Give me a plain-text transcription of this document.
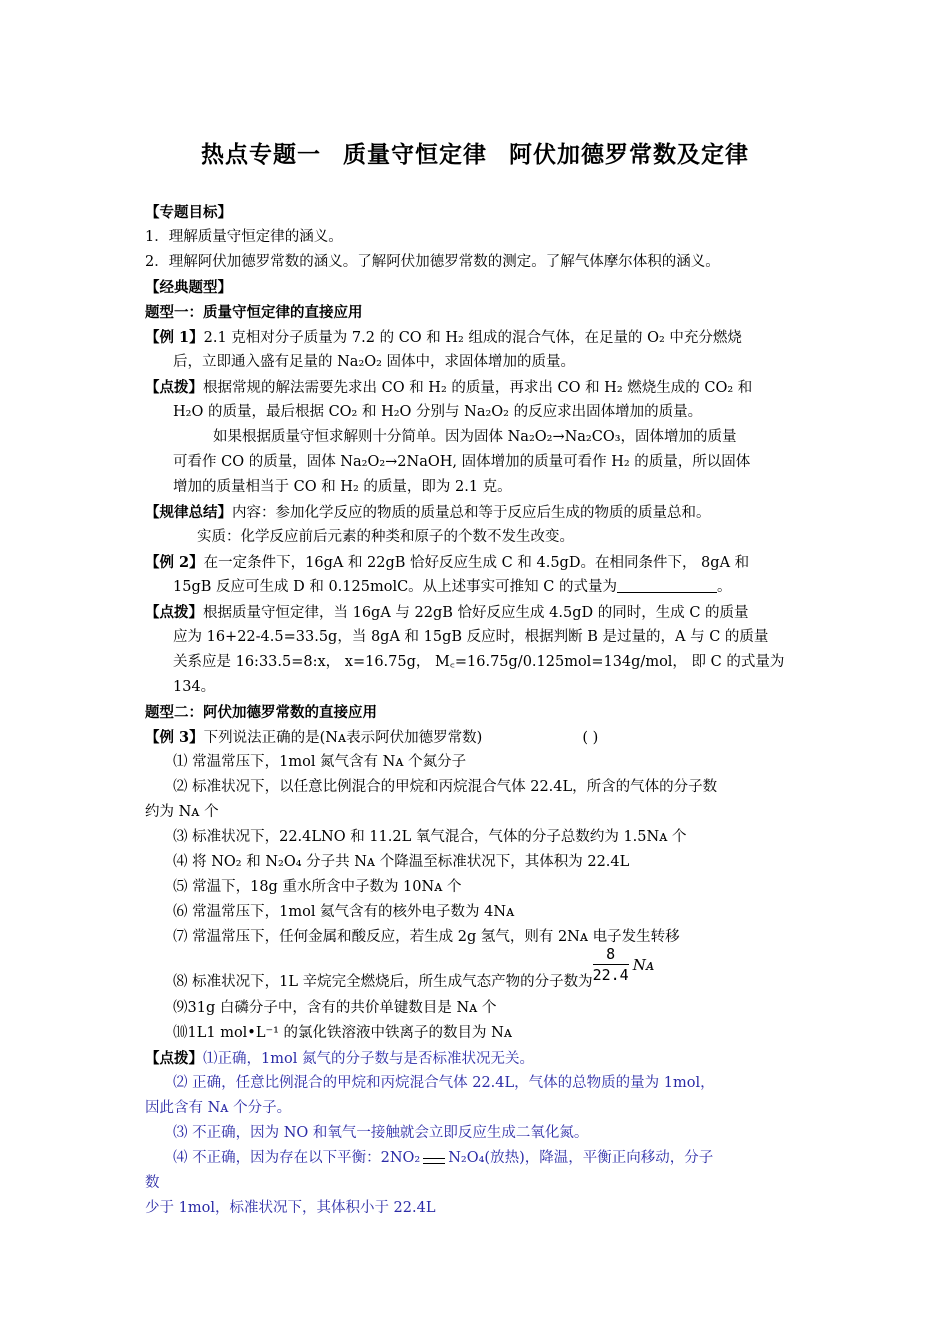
热点专题一 质量守恒定律 阿伏加德罗常数及定律
【专题目标】
1．理解质量守恒定律的涵义。
2．理解阿伏加德罗常数的涵义。了解阿伏加德罗常数的测定。了解气体摩尔体积的涵义。
【经典题型】
题型一：质量守恒定律的直接应用
【例 1】2.1 克相对分子质量为 7.2 的 CO 和 H₂ 组成的混合气体，在足量的 O₂ 中充分燃烧
后，立即通入盛有足量的 Na₂O₂ 固体中，求固体增加的质量。
【点拨】根据常规的解法需要先求出 CO 和 H₂ 的质量，再求出 CO 和 H₂ 燃烧生成的 CO₂ 和
H₂O 的质量，最后根据 CO₂ 和 H₂O 分别与 Na₂O₂ 的反应求出固体增加的质量。
如果根据质量守恒求解则十分简单。因为固体 Na₂O₂→Na₂CO₃，固体增加的质量
可看作 CO 的质量，固体 Na₂O₂→2NaOH, 固体增加的质量可看作 H₂ 的质量，所以固体
增加的质量相当于 CO 和 H₂ 的质量，即为 2.1 克。
【规律总结】内容：参加化学反应的物质的质量总和等于反应后生成的物质的质量总和。
实质：化学反应前后元素的种类和原子的个数不发生改变。
【例 2】在一定条件下，16gA 和 22gB 恰好反应生成 C 和 4.5gD。在相同条件下， 8gA 和
15gB 反应可生成 D 和 0.125molC。从上述事实可推知 C 的式量为	。
【点拨】根据质量守恒定律，当 16gA 与 22gB 恰好反应生成 4.5gD 的同时，生成 C 的质量
应为 16+22-4.5=33.5g，当 8gA 和 15gB 反应时，根据判断 B 是过量的，A 与 C 的质量
关系应是 16:33.5=8:x， x=16.75g， M꜀=16.75g/0.125mol=134g/mol， 即 C 的式量为
134。
题型二：阿伏加德罗常数的直接应用
【例 3】下列说法正确的是(Nᴀ表示阿伏加德罗常数)	( )
⑴ 常温常压下，1mol 氮气含有 Nᴀ 个氮分子
⑵ 标准状况下，以任意比例混合的甲烷和丙烷混合气体 22.4L，所含的气体的分子数
约为 Nᴀ 个
⑶ 标准状况下，22.4LNO 和 11.2L 氧气混合，气体的分子总数约为 1.5Nᴀ 个
⑷ 将 NO₂ 和 N₂O₄ 分子共 Nᴀ 个降温至标准状况下，其体积为 22.4L
⑸ 常温下，18g 重水所含中子数为 10Nᴀ 个
⑹ 常温常压下，1mol 氦气含有的核外电子数为 4Nᴀ
⑺ 常温常压下，任何金属和酸反应，若生成 2g 氢气，则有 2Nᴀ 电子发生转移
⑻ 标准状况下，1L 辛烷完全燃烧后，所生成气态产物的分子数为 $\frac{8}{22.4}$ Nᴀ
⑼31g 白磷分子中，含有的共价单键数目是 Nᴀ 个
⑽1L1 mol•L⁻¹ 的氯化铁溶液中铁离子的数目为 Nᴀ
【点拨】⑴正确，1mol 氮气的分子数与是否标准状况无关。
⑵ 正确，任意比例混合的甲烷和丙烷混合气体 22.4L，气体的总物质的量为 1mol，
因此含有 Nᴀ 个分子。
⑶ 不正确，因为 NO 和氧气一接触就会立即反应生成二氧化氮。
⑷ 不正确，因为存在以下平衡：2NO₂ N₂O₄(放热)，降温，平衡正向移动，分子
数
少于 1mol，标准状况下，其体积小于 22.4L
